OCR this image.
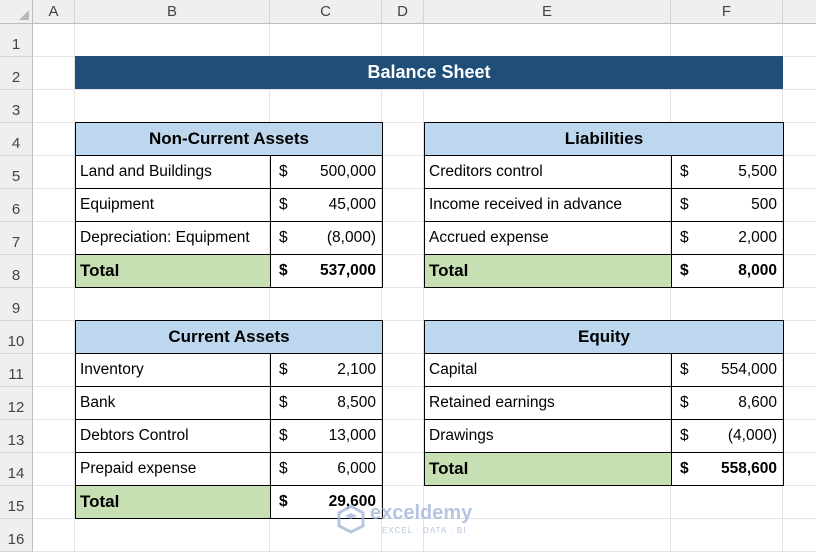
A	B	C	D	E	F
1
2
3
4
5
6
7
8
9
10
11
12
13
14
15
16
Balance Sheet
Non-Current Assets
Land and Buildings	$ 500,000
Equipment	$	45,000
Depreciation: Equipment $	(8,000)
Total	$ 537,000
Liabilities
Creditors control	$	5,500
Income received in advance	$	500
Accrued expense	$	2,000
Total	$	8,000
Current Assets
Inventory	$	2,100
Bank	$	8,500
Debtors Control	$	13,000
Prepaid expense	$	6,000
Total	$	29,600
Equity
Capital	$ 554,000
Retained earnings	$	8,600
Drawings	$	(4,000)
Total	$ 558,600
exceldemy
EXCEL · DATA · BI
